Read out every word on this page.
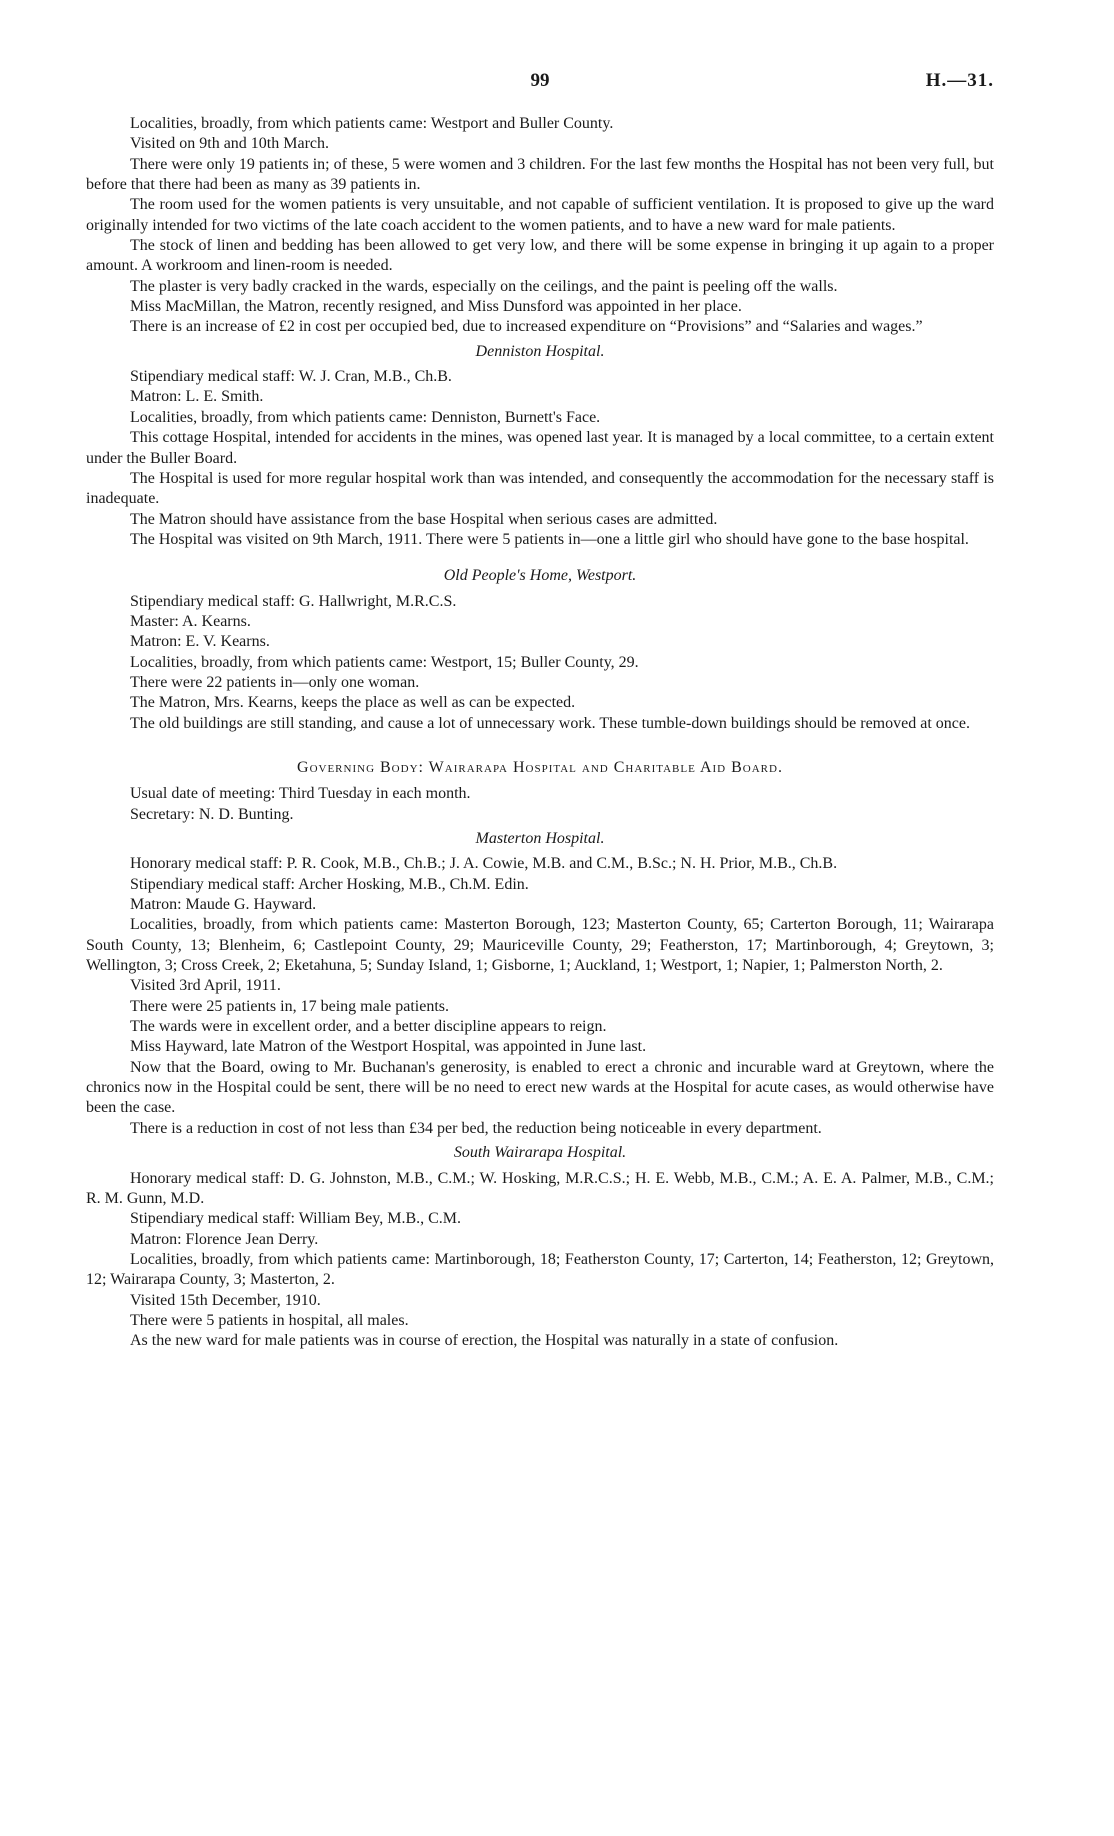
99	H.—31.

Localities, broadly, from which patients came: Westport and Buller County.

Visited on 9th and 10th March.

There were only 19 patients in; of these, 5 were women and 3 children. For the last few months the Hospital has not been very full, but before that there had been as many as 39 patients in.

The room used for the women patients is very unsuitable, and not capable of sufficient ventilation. It is proposed to give up the ward originally intended for two victims of the late coach accident to the women patients, and to have a new ward for male patients.

The stock of linen and bedding has been allowed to get very low, and there will be some expense in bringing it up again to a proper amount. A workroom and linen-room is needed.

The plaster is very badly cracked in the wards, especially on the ceilings, and the paint is peeling off the walls.

Miss MacMillan, the Matron, recently resigned, and Miss Dunsford was appointed in her place.

There is an increase of £2 in cost per occupied bed, due to increased expenditure on “Provisions” and “Salaries and wages.”

Denniston Hospital.

Stipendiary medical staff: W. J. Cran, M.B., Ch.B.

Matron: L. E. Smith.

Localities, broadly, from which patients came: Denniston, Burnett's Face.

This cottage Hospital, intended for accidents in the mines, was opened last year. It is managed by a local committee, to a certain extent under the Buller Board.

The Hospital is used for more regular hospital work than was intended, and consequently the accommodation for the necessary staff is inadequate.

The Matron should have assistance from the base Hospital when serious cases are admitted.

The Hospital was visited on 9th March, 1911. There were 5 patients in—one a little girl who should have gone to the base hospital.

Old People's Home, Westport.

Stipendiary medical staff: G. Hallwright, M.R.C.S.

Master: A. Kearns.

Matron: E. V. Kearns.

Localities, broadly, from which patients came: Westport, 15; Buller County, 29.

There were 22 patients in—only one woman.

The Matron, Mrs. Kearns, keeps the place as well as can be expected.

The old buildings are still standing, and cause a lot of unnecessary work. These tumble-down buildings should be removed at once.

Governing Body: Wairarapa Hospital and Charitable Aid Board.

Usual date of meeting: Third Tuesday in each month.

Secretary: N. D. Bunting.

Masterton Hospital.

Honorary medical staff: P. R. Cook, M.B., Ch.B.; J. A. Cowie, M.B. and C.M., B.Sc.; N. H. Prior, M.B., Ch.B.

Stipendiary medical staff: Archer Hosking, M.B., Ch.M. Edin.

Matron: Maude G. Hayward.

Localities, broadly, from which patients came: Masterton Borough, 123; Masterton County, 65; Carterton Borough, 11; Wairarapa South County, 13; Blenheim, 6; Castlepoint County, 29; Mauriceville County, 29; Featherston, 17; Martinborough, 4; Greytown, 3; Wellington, 3; Cross Creek, 2; Eketahuna, 5; Sunday Island, 1; Gisborne, 1; Auckland, 1; Westport, 1; Napier, 1; Palmerston North, 2.

Visited 3rd April, 1911.

There were 25 patients in, 17 being male patients.

The wards were in excellent order, and a better discipline appears to reign.

Miss Hayward, late Matron of the Westport Hospital, was appointed in June last.

Now that the Board, owing to Mr. Buchanan's generosity, is enabled to erect a chronic and incurable ward at Greytown, where the chronics now in the Hospital could be sent, there will be no need to erect new wards at the Hospital for acute cases, as would otherwise have been the case.

There is a reduction in cost of not less than £34 per bed, the reduction being noticeable in every department.

South Wairarapa Hospital.

Honorary medical staff: D. G. Johnston, M.B., C.M.; W. Hosking, M.R.C.S.; H. E. Webb, M.B., C.M.; A. E. A. Palmer, M.B., C.M.; R. M. Gunn, M.D.

Stipendiary medical staff: William Bey, M.B., C.M.

Matron: Florence Jean Derry.

Localities, broadly, from which patients came: Martinborough, 18; Featherston County, 17; Carterton, 14; Featherston, 12; Greytown, 12; Wairarapa County, 3; Masterton, 2.

Visited 15th December, 1910.

There were 5 patients in hospital, all males.

As the new ward for male patients was in course of erection, the Hospital was naturally in a state of confusion.
